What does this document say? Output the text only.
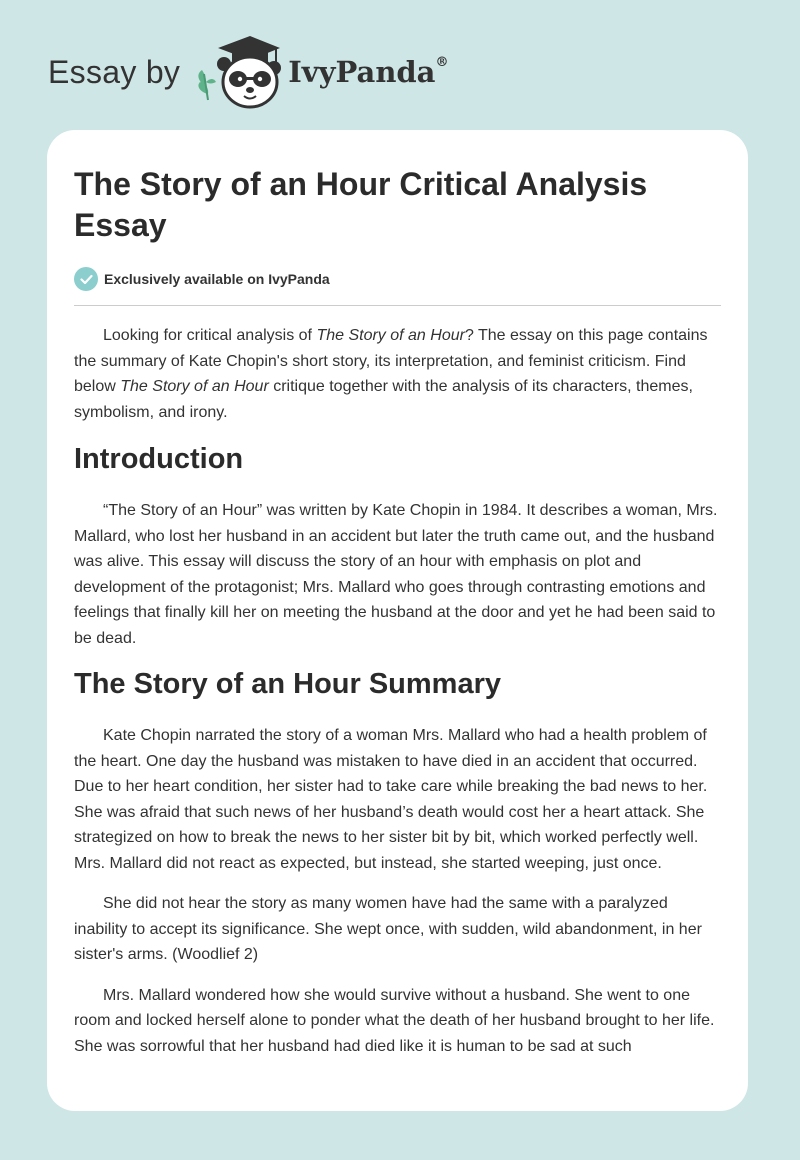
Essay by	IvyPanda®
The Story of an Hour Critical Analysis Essay
Exclusively available on IvyPanda

Looking for critical analysis of The Story of an Hour? The essay on this page contains the summary of Kate Chopin's short story, its interpretation, and feminist criticism. Find below The Story of an Hour critique together with the analysis of its characters, themes, symbolism, and irony.

Introduction

“The Story of an Hour” was written by Kate Chopin in 1984. It describes a woman, Mrs. Mallard, who lost her husband in an accident but later the truth came out, and the husband was alive. This essay will discuss the story of an hour with emphasis on plot and development of the protagonist; Mrs. Mallard who goes through contrasting emotions and feelings that finally kill her on meeting the husband at the door and yet he had been said to be dead.

The Story of an Hour Summary

Kate Chopin narrated the story of a woman Mrs. Mallard who had a health problem of the heart. One day the husband was mistaken to have died in an accident that occurred. Due to her heart condition, her sister had to take care while breaking the bad news to her. She was afraid that such news of her husband’s death would cost her a heart attack. She strategized on how to break the news to her sister bit by bit, which worked perfectly well. Mrs. Mallard did not react as expected, but instead, she started weeping, just once.

She did not hear the story as many women have had the same with a paralyzed inability to accept its significance. She wept once, with sudden, wild abandonment, in her sister's arms. (Woodlief 2)

Mrs. Mallard wondered how she would survive without a husband. She went to one room and locked herself alone to ponder what the death of her husband brought to her life. She was sorrowful that her husband had died like it is human to be sad at such
